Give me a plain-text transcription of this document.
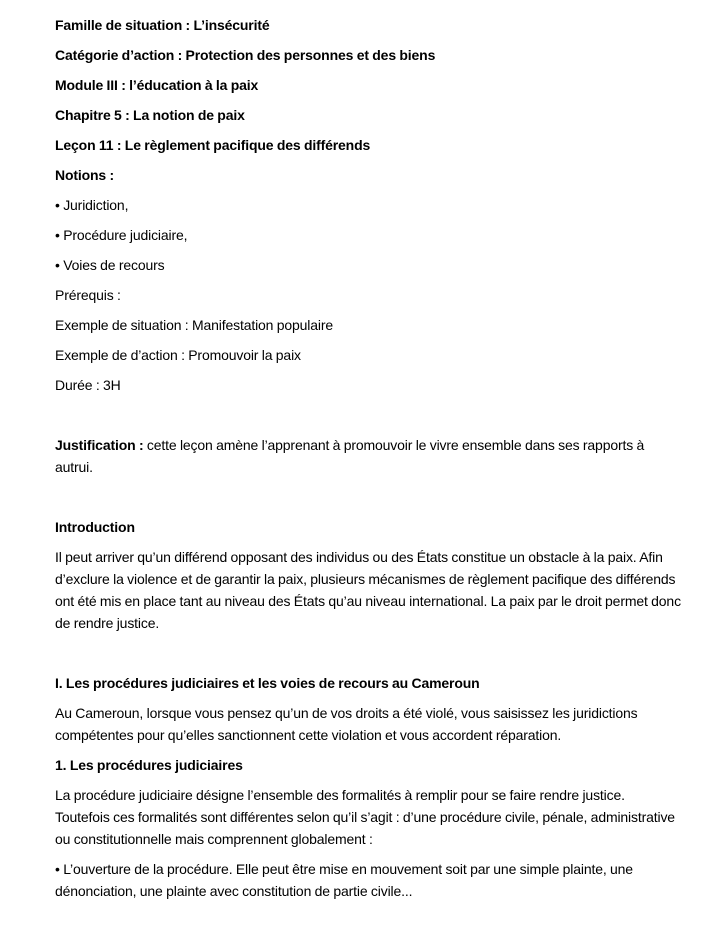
Famille de situation : L’insécurité

Catégorie d’action : Protection des personnes et des biens

Module III : l’éducation à la paix

Chapitre 5 : La notion de paix

Leçon 11 : Le règlement pacifique des différends

Notions :

• Juridiction,

• Procédure judiciaire,

• Voies de recours

Prérequis :

Exemple de situation : Manifestation populaire

Exemple de d’action : Promouvoir la paix

Durée : 3H

Justification : cette leçon amène l’apprenant à promouvoir le vivre ensemble dans ses rapports à autrui.

Introduction

Il peut arriver qu’un différend opposant des individus ou des États constitue un obstacle à la paix. Afin d’exclure la violence et de garantir la paix, plusieurs mécanismes de règlement pacifique des différends ont été mis en place tant au niveau des États qu’au niveau international. La paix par le droit permet donc de rendre justice.

I. Les procédures judiciaires et les voies de recours au Cameroun

Au Cameroun, lorsque vous pensez qu’un de vos droits a été violé, vous saisissez les juridictions compétentes pour qu’elles sanctionnent cette violation et vous accordent réparation.

1. Les procédures judiciaires

La procédure judiciaire désigne l’ensemble des formalités à remplir pour se faire rendre justice. Toutefois ces formalités sont différentes selon qu’il s’agit : d’une procédure civile, pénale, administrative ou constitutionnelle mais comprennent globalement :

• L’ouverture de la procédure. Elle peut être mise en mouvement soit par une simple plainte, une dénonciation, une plainte avec constitution de partie civile...
